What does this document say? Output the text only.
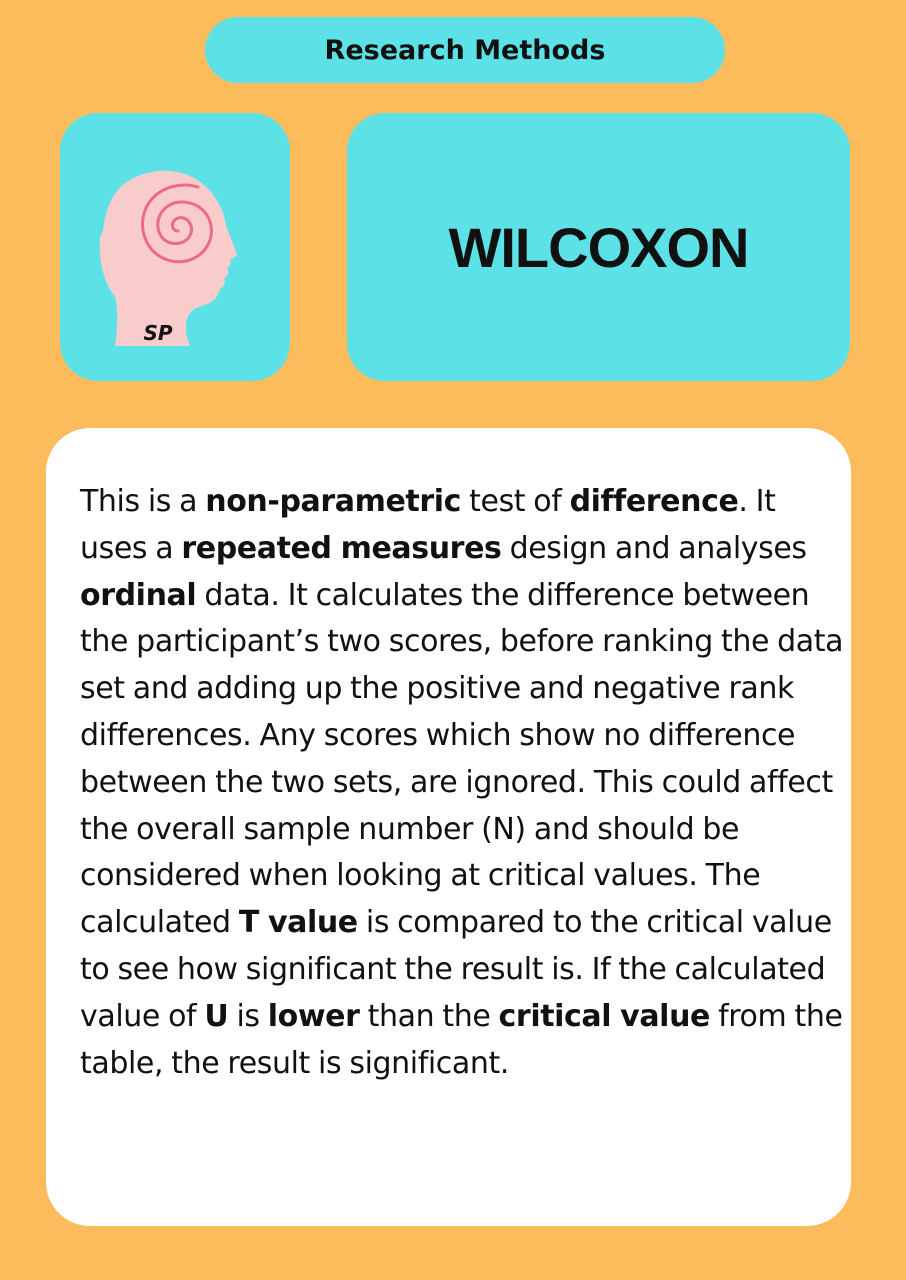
Research Methods
SP
WILCOXON

This is a non-parametric test of difference. It uses a repeated measures design and analyses ordinal data. It calculates the difference between the participant’s two scores, before ranking the data set and adding up the positive and negative rank differences. Any scores which show no difference between the two sets, are ignored. This could affect the overall sample number (N) and should be considered when looking at critical values. The calculated T value is compared to the critical value to see how significant the result is. If the calculated value of U is lower than the critical value from the table, the result is significant.
